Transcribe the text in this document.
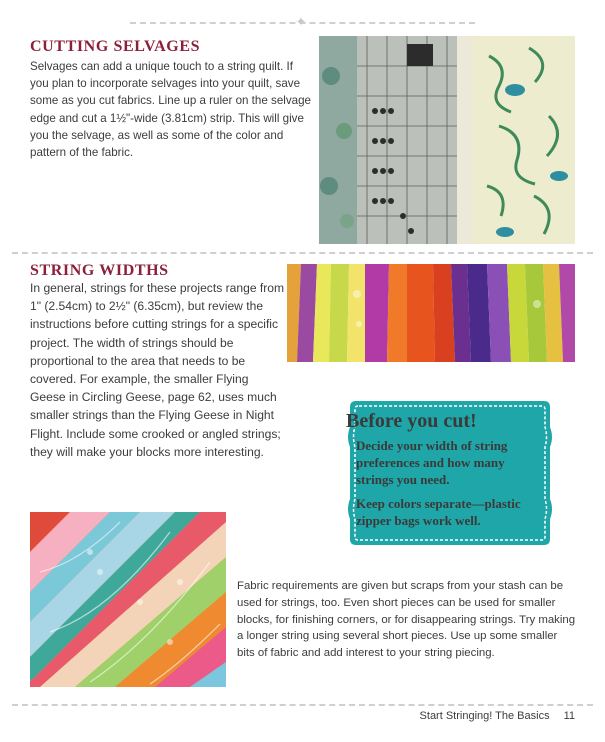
✦
CUTTING SELVAGES

Selvages can add a unique touch to a string quilt. If you plan to incorporate selvages into your quilt, save some as you cut fabrics. Line up a ruler on the selvage edge and cut a 1½"-wide (3.81cm) strip. This will give you the selvage, as well as some of the color and pattern of the fabric.

STRING WIDTHS

In general, strings for these projects range from 1" (2.54cm) to 2½" (6.35cm), but review the instructions before cutting strings for a specific project. The width of strings should be proportional to the area that needs to be covered. For example, the smaller Flying Geese in Circling Geese, page 62, uses much smaller strings than the Flying Geese in Night Flight. Include some crooked or angled strings; they will make your blocks more interesting.

Before you cut!
Decide your width of string preferences and how many strings you need.
Keep colors separate—plastic zipper bags work well.

Fabric requirements are given but scraps from your stash can be used for strings, too. Even short pieces can be used for smaller blocks, for finishing corners, or for disappearing strings. Try making a longer string using several short pieces. Use up some smaller bits of fabric and add interest to your string piecing.

Start Stringing! The Basics 11
